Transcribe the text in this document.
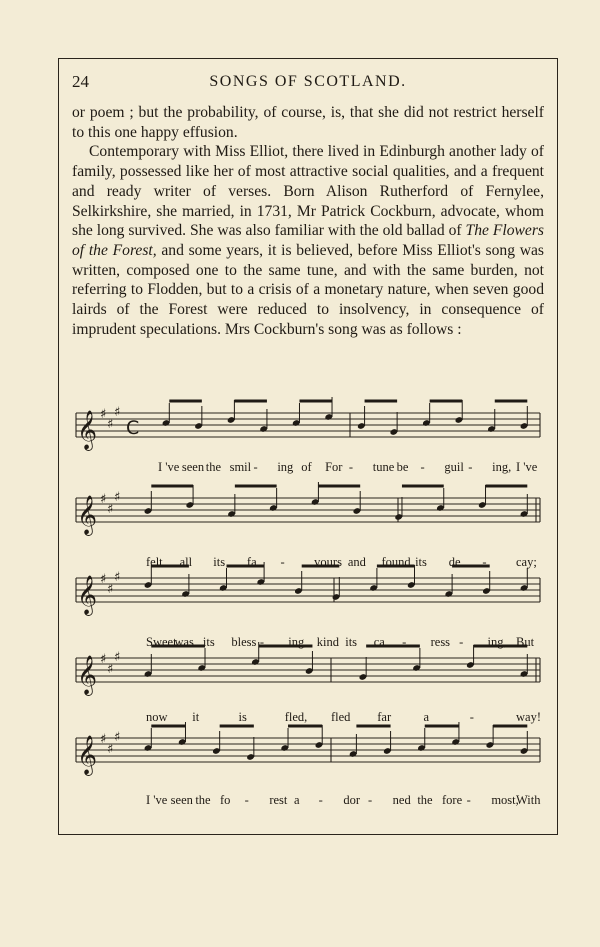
24	SONGS OF SCOTLAND.

or poem ; but the probability, of course, is, that she did not restrict herself to this one happy effusion.

Contemporary with Miss Elliot, there lived in Edinburgh another lady of family, possessed like her of most attractive social qualities, and a frequent and ready writer of verses. Born Alison Rutherford of Fernylee, Selkirkshire, she married, in 1731, Mr Patrick Cockburn, advocate, whom she long survived. She was also familiar with the old ballad of The Flowers of the Forest, and some years, it is believed, before Miss Elliot's song was written, composed one to the same tune, and with the same burden, not referring to Flodden, but to a crisis of a monetary nature, when seven good lairds of the Forest were reduced to insolvency, in consequence of imprudent speculations. Mrs Cockburn's song was as follows :

𝄞 ♯
♯
♯
C
I 've seen the smil - ing of For - tune be - guil - ing, I 've
𝄞 ♯
♯
♯
felt all its fa - vours and found its de - cay;
𝄞 ♯
♯
♯
Sweetwas its bless - ing, kind its ca - ress - ing, But
𝄞 ♯
♯
♯
now it	is	fled, fled far	a	-	way!
𝄞 ♯
♯
♯
I 've seen the fo - rest a - dor - ned the fore - most,With
